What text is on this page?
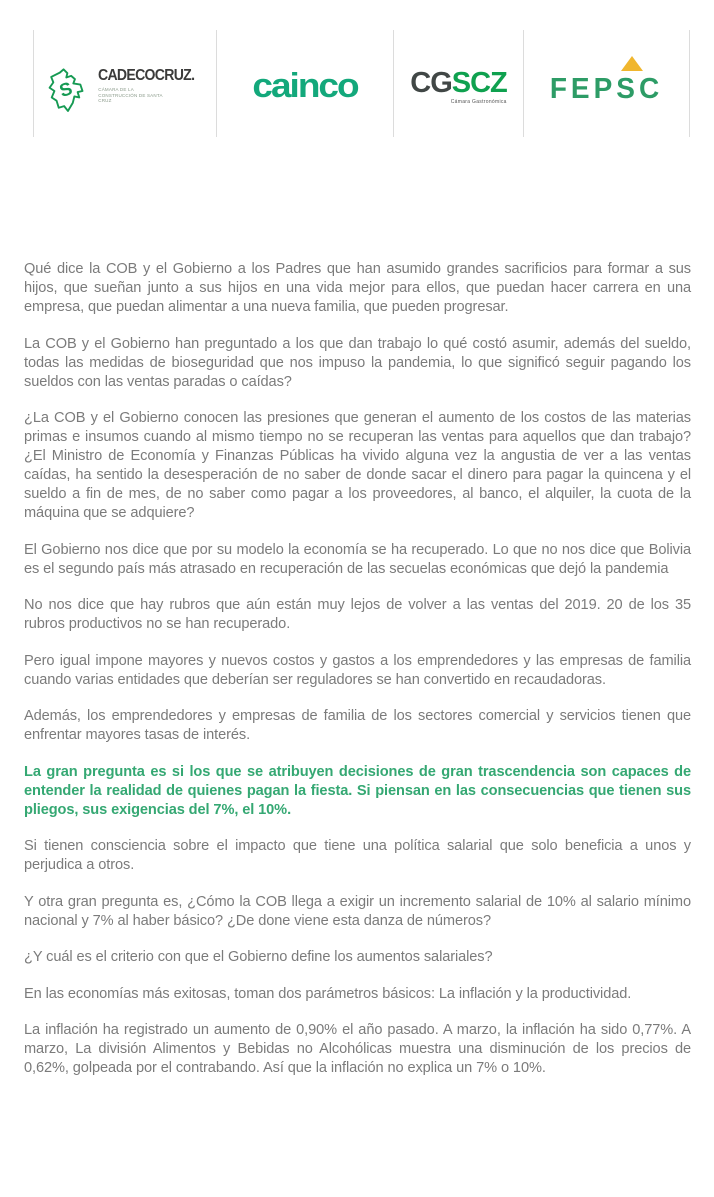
S
CADECOCRUZ.
CÁMARA DE LA CONSTRUCCIÓN DE SANTA CRUZ	cainco CGSCZ
Cámara Gastronómica FEPSC

Qué dice la COB y el Gobierno a los Padres que han asumido grandes sacrificios para formar a sus hijos, que sueñan junto a sus hijos en una vida mejor para ellos, que puedan hacer carrera en una empresa, que puedan alimentar a una nueva familia, que pueden progresar.

La COB y el Gobierno han preguntado a los que dan trabajo lo qué costó asumir, además del sueldo, todas las medidas de bioseguridad que nos impuso la pandemia, lo que significó seguir pagando los sueldos con las ventas paradas o caídas?

¿La COB y el Gobierno conocen las presiones que generan el aumento de los costos de las materias primas e insumos cuando al mismo tiempo no se recuperan las ventas para aquellos que dan trabajo? ¿El Ministro de Economía y Finanzas Públicas ha vivido alguna vez la angustia de ver a las ventas caídas, ha sentido la desesperación de no saber de donde sacar el dinero para pagar la quincena y el sueldo a fin de mes, de no saber como pagar a los proveedores, al banco, el alquiler, la cuota de la máquina que se adquiere?

El Gobierno nos dice que por su modelo la economía se ha recuperado. Lo que no nos dice que Bolivia es el segundo país más atrasado en recuperación de las secuelas económicas que dejó la pandemia

No nos dice que hay rubros que aún están muy lejos de volver a las ventas del 2019. 20 de los 35 rubros productivos no se han recuperado.

Pero igual impone mayores y nuevos costos y gastos a los emprendedores y las empresas de familia cuando varias entidades que deberían ser reguladores se han convertido en recaudadoras.

Además, los emprendedores y empresas de familia de los sectores comercial y servicios tienen que enfrentar mayores tasas de interés.

La gran pregunta es si los que se atribuyen decisiones de gran trascendencia son capaces de entender la realidad de quienes pagan la fiesta. Si piensan en las consecuencias que tienen sus pliegos, sus exigencias del 7%, el 10%.

Si tienen consciencia sobre el impacto que tiene una política salarial que solo beneficia a unos y perjudica a otros.

Y otra gran pregunta es, ¿Cómo la COB llega a exigir un incremento salarial de 10% al salario mínimo nacional y 7% al haber básico? ¿De done viene esta danza de números?

¿Y cuál es el criterio con que el Gobierno define los aumentos salariales?

En las economías más exitosas, toman dos parámetros básicos: La inflación y la productividad.

La inflación ha registrado un aumento de 0,90% el año pasado. A marzo, la inflación ha sido 0,77%. A marzo, La división Alimentos y Bebidas no Alcohólicas muestra una disminución de los precios de 0,62%, golpeada por el contrabando. Así que la inflación no explica un 7% o 10%.
